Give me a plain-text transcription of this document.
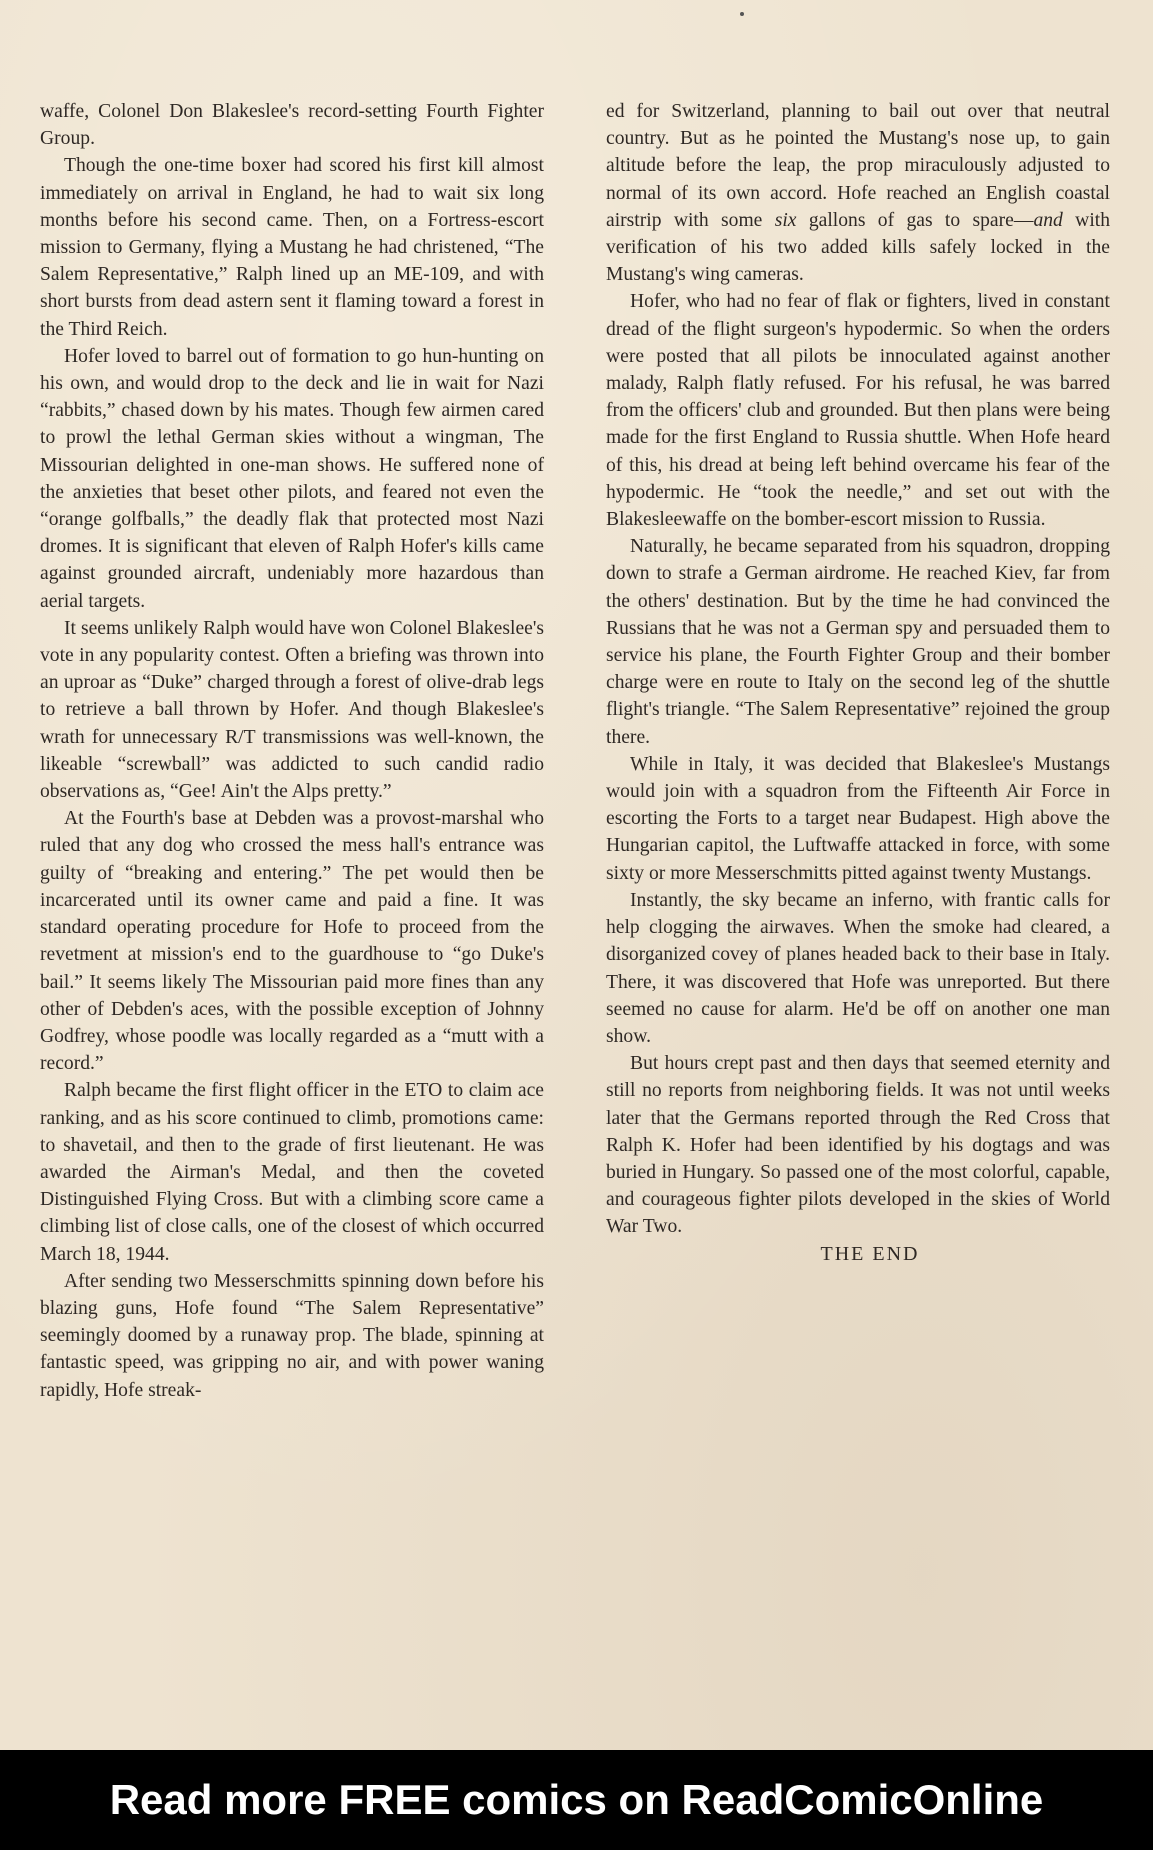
waffe, Colonel Don Blakeslee's record-setting Fourth Fighter Group.

Though the one-time boxer had scored his first kill almost immediately on arrival in England, he had to wait six long months before his second came. Then, on a Fortress-escort mission to Germany, flying a Mustang he had christened, “The Salem Representative,” Ralph lined up an ME-109, and with short bursts from dead astern sent it flaming toward a forest in the Third Reich.

Hofer loved to barrel out of formation to go hun-hunting on his own, and would drop to the deck and lie in wait for Nazi “rabbits,” chased down by his mates. Though few airmen cared to prowl the lethal German skies without a wingman, The Missourian delighted in one-man shows. He suffered none of the anxieties that beset other pilots, and feared not even the “orange golfballs,” the deadly flak that protected most Nazi dromes. It is significant that eleven of Ralph Hofer's kills came against grounded aircraft, undeniably more hazardous than aerial targets.

It seems unlikely Ralph would have won Colonel Blakeslee's vote in any popularity contest. Often a briefing was thrown into an uproar as “Duke” charged through a forest of olive-drab legs to retrieve a ball thrown by Hofer. And though Blakeslee's wrath for unnecessary R/T transmissions was well-known, the likeable “screwball” was addicted to such candid radio observations as, “Gee! Ain't the Alps pretty.”

At the Fourth's base at Debden was a provost-marshal who ruled that any dog who crossed the mess hall's entrance was guilty of “breaking and entering.” The pet would then be incarcerated until its owner came and paid a fine. It was standard operating procedure for Hofe to proceed from the revetment at mission's end to the guardhouse to “go Duke's bail.” It seems likely The Missourian paid more fines than any other of Debden's aces, with the possible exception of Johnny Godfrey, whose poodle was locally regarded as a “mutt with a record.”

Ralph became the first flight officer in the ETO to claim ace ranking, and as his score continued to climb, promotions came: to shavetail, and then to the grade of first lieutenant. He was awarded the Airman's Medal, and then the coveted Distinguished Flying Cross. But with a climbing score came a climbing list of close calls, one of the closest of which occurred March 18, 1944.

After sending two Messerschmitts spinning down before his blazing guns, Hofe found “The Salem Representative” seemingly doomed by a runaway prop. The blade, spinning at fantastic speed, was gripping no air, and with power waning rapidly, Hofe streak-

ed for Switzerland, planning to bail out over that neutral country. But as he pointed the Mustang's nose up, to gain altitude before the leap, the prop miraculously adjusted to normal of its own accord. Hofe reached an English coastal airstrip with some six gallons of gas to spare—and with verification of his two added kills safely locked in the Mustang's wing cameras.

Hofer, who had no fear of flak or fighters, lived in constant dread of the flight surgeon's hypodermic. So when the orders were posted that all pilots be innoculated against another malady, Ralph flatly refused. For his refusal, he was barred from the officers' club and grounded. But then plans were being made for the first England to Russia shuttle. When Hofe heard of this, his dread at being left behind overcame his fear of the hypodermic. He “took the needle,” and set out with the Blakesleewaffe on the bomber-escort mission to Russia.

Naturally, he became separated from his squadron, dropping down to strafe a German airdrome. He reached Kiev, far from the others' destination. But by the time he had convinced the Russians that he was not a German spy and persuaded them to service his plane, the Fourth Fighter Group and their bomber charge were en route to Italy on the second leg of the shuttle flight's triangle. “The Salem Representative” rejoined the group there.

While in Italy, it was decided that Blakeslee's Mustangs would join with a squadron from the Fifteenth Air Force in escorting the Forts to a target near Budapest. High above the Hungarian capitol, the Luftwaffe attacked in force, with some sixty or more Messerschmitts pitted against twenty Mustangs.

Instantly, the sky became an inferno, with frantic calls for help clogging the airwaves. When the smoke had cleared, a disorganized covey of planes headed back to their base in Italy. There, it was discovered that Hofe was unreported. But there seemed no cause for alarm. He'd be off on another one man show.

But hours crept past and then days that seemed eternity and still no reports from neighboring fields. It was not until weeks later that the Germans reported through the Red Cross that Ralph K. Hofer had been identified by his dogtags and was buried in Hungary. So passed one of the most colorful, capable, and courageous fighter pilots developed in the skies of World War Two.

THE END

Read more FREE comics on ReadComicOnline
